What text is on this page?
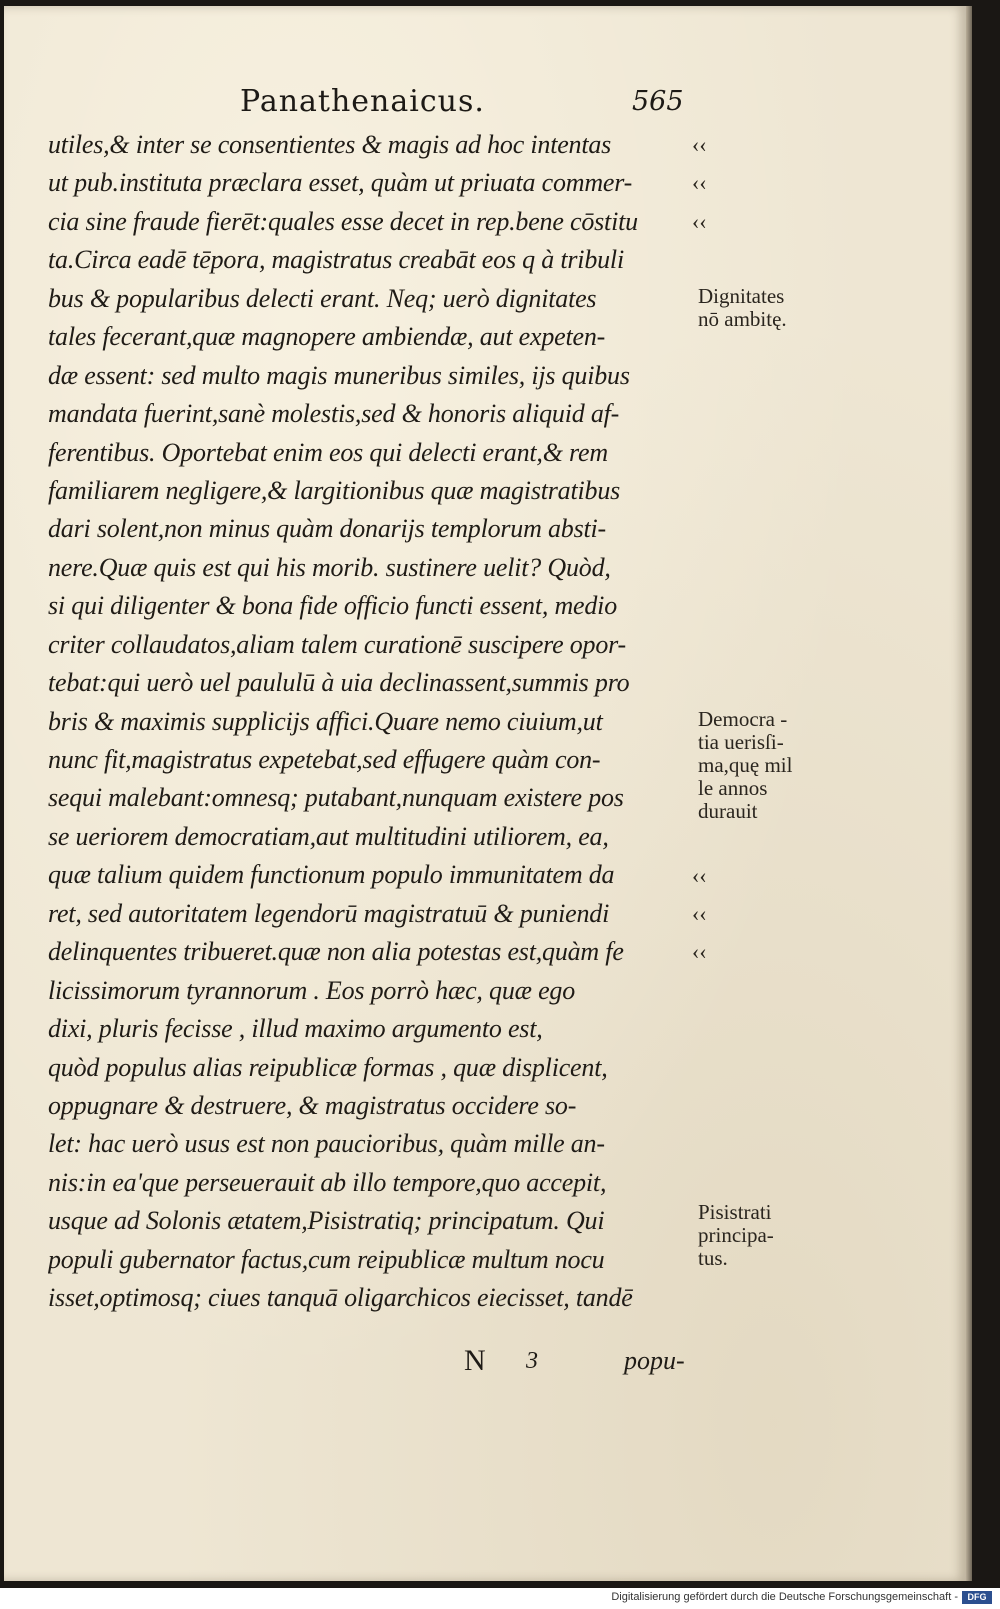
Panathenaicus.	565
utiles,& inter se consentientes & magis ad hoc intentas
ut pub.instituta præclara esset, quàm ut priuata commer-
cia sine fraude fierēt:quales esse decet in rep.bene cōstitu
ta.Circa eadē tēpora, magistratus creabāt eos q à tribuli
bus & popularibus delecti erant. Neq; uerò dignitates
tales fecerant,quæ magnopere ambiendæ, aut expeten-
dæ essent: sed multo magis muneribus similes, ijs quibus
mandata fuerint,sanè molestis,sed & honoris aliquid af-
ferentibus. Oportebat enim eos qui delecti erant,& rem
familiarem negligere,& largitionibus quæ magistratibus
dari solent,non minus quàm donarijs templorum absti-
nere.Quæ quis est qui his morib. sustinere uelit? Quòd,
si qui diligenter & bona fide officio functi essent, medio
criter collaudatos,aliam talem curationē suscipere opor-
tebat:qui uerò uel paululū à uia declinassent,summis pro
bris & maximis supplicijs affici.Quare nemo ciuium,ut
nunc fit,magistratus expetebat,sed effugere quàm con-
sequi malebant:omnesq; putabant,nunquam existere pos
se ueriorem democratiam,aut multitudini utiliorem, ea,
quæ talium quidem functionum populo immunitatem da
ret, sed autoritatem legendorū magistratuū & puniendi
delinquentes tribueret.quæ non alia potestas est,quàm fe
licissimorum tyrannorum . Eos porrò hæc, quæ ego
dixi, pluris fecisse , illud maximo argumento est,
quòd populus alias reipublicæ formas , quæ displicent,
oppugnare & destruere, & magistratus occidere so-
let: hac uerò usus est non paucioribus, quàm mille an-
nis:in ea'que perseuerauit ab illo tempore,quo accepit,
usque ad Solonis ætatem,Pisistratiq; principatum. Qui
populi gubernator factus,cum reipublicæ multum nocu
isset,optimosq; ciues tanquā oligarchicos eiecisset, tandē
‹‹
‹‹
‹‹
‹‹
‹‹
‹‹
Dignitates
nō ambitę.
Democra -
tia uerisſi-
ma,quę mil
le annos
durauit
Pisistrati
principa-
tus.
N 3	popu-
Digitalisierung gefördert durch die Deutsche Forschungsgemeinschaft -	DFG
